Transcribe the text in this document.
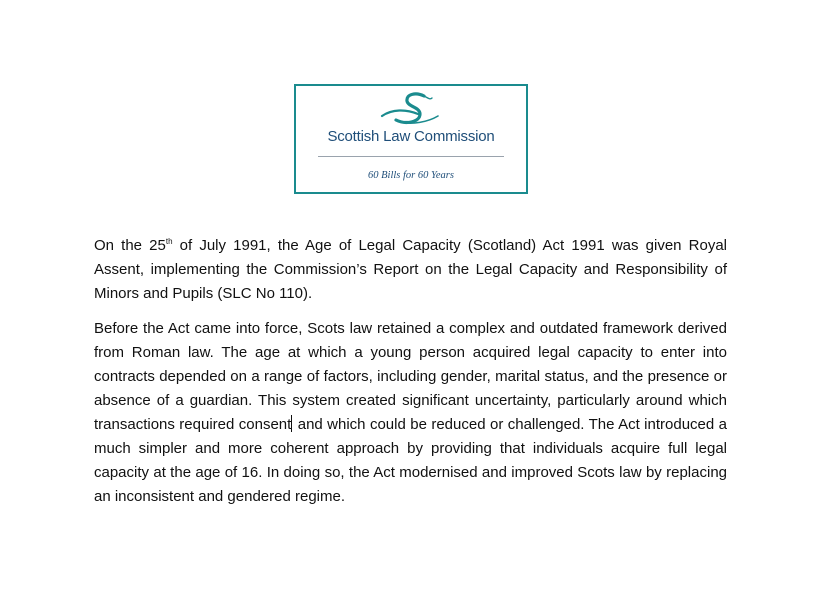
Scottish Law Commission
60 Bills for 60 Years

On the 25th of July 1991, the Age of Legal Capacity (Scotland) Act 1991 was given Royal Assent, implementing the Commission’s Report on the Legal Capacity and Responsibility of Minors and Pupils (SLC No 110).

Before the Act came into force, Scots law retained a complex and outdated framework derived from Roman law. The age at which a young person acquired legal capacity to enter into contracts depended on a range of factors, including gender, marital status, and the presence or absence of a guardian. This system created significant uncertainty, particularly around which transactions required consent and which could be reduced or challenged. The Act introduced a much simpler and more coherent approach by providing that individuals acquire full legal capacity at the age of 16. In doing so, the Act modernised and improved Scots law by replacing an inconsistent and gendered regime.
